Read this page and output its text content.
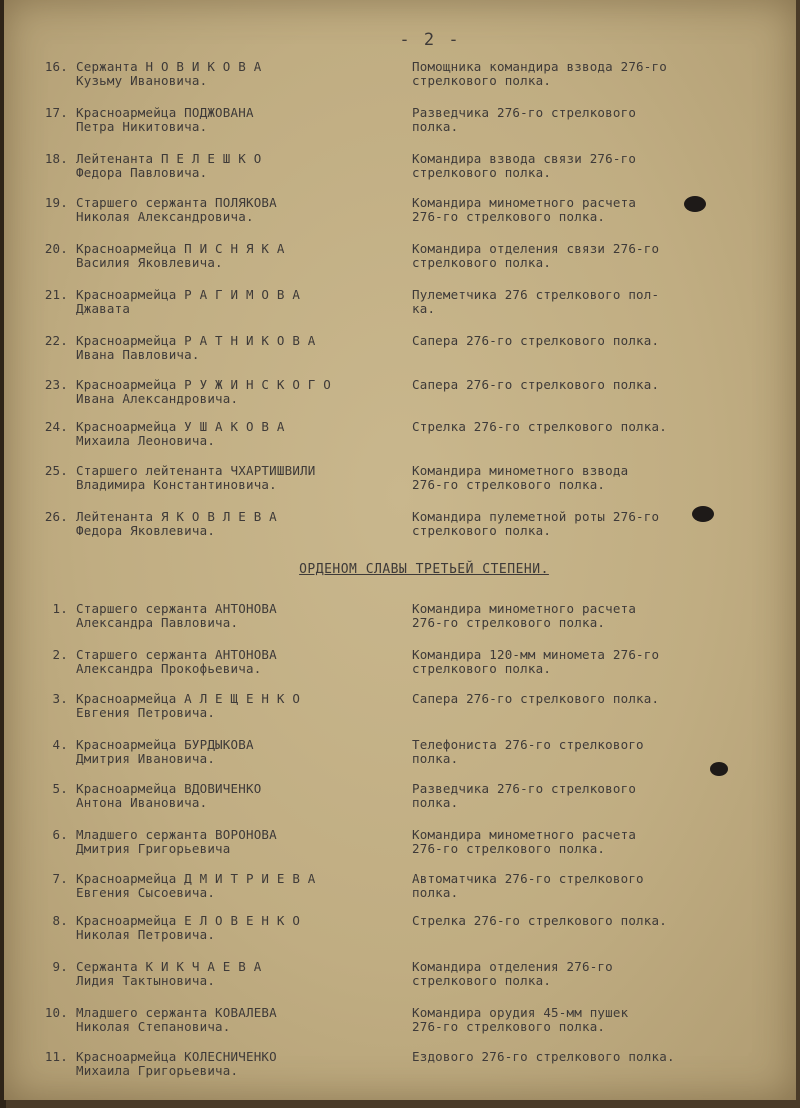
- 2 -
16. Сержанта Н О В И К О В А
Кузьму Ивановича.
Помощника командира взвода 276-го
стрелкового полка.
17. Красноармейца ПОДЖОВАНА
Петра Никитовича.
Разведчика 276-го стрелкового
полка.
18. Лейтенанта П Е Л Е Ш К О
Федора Павловича.
Командира взвода связи 276-го
стрелкового полка.
19. Старшего сержанта ПОЛЯКОВА
Николая Александровича.
Командира минометного расчета
276-го стрелкового полка.
20. Красноармейца П И С Н Я К А
Василия Яковлевича.
Командира отделения связи 276-го
стрелкового полка.
21. Красноармейца Р А Г И М О В А
Джавата
Пулеметчика 276 стрелкового пол-
ка.
22. Красноармейца Р А Т Н И К О В А
Ивана Павловича.
Сапера 276-го стрелкового полка.
23. Красноармейца Р У Ж И Н С К О Г О
Ивана Александровича.
Сапера 276-го стрелкового полка.
24. Красноармейца У Ш А К О В А
Михаила Леоновича.
Стрелка 276-го стрелкового полка.
25. Старшего лейтенанта ЧХАРТИШВИЛИ
Владимира Константиновича.
Командира минометного взвода
276-го стрелкового полка.
26. Лейтенанта Я К О В Л Е В А
Федора Яковлевича.
Командира пулеметной роты 276-го
стрелкового полка.
ОРДЕНОМ СЛАВЫ ТРЕТЬЕЙ СТЕПЕНИ.
1. Старшего сержанта АНТОНОВА
Александра Павловича.
Командира минометного расчета
276-го стрелкового полка.
2. Старшего сержанта АНТОНОВА
Александра Прокофьевича.
Командира 120-мм миномета 276-го
стрелкового полка.
3. Красноармейца А Л Е Щ Е Н К О
Евгения Петровича.
Сапера 276-го стрелкового полка.
4. Красноармейца БУРДЫКОВА
Дмитрия Ивановича.
Телефониста 276-го стрелкового
полка.
5. Красноармейца ВДОВИЧЕНКО
Антона Ивановича.
Разведчика 276-го стрелкового
полка.
6. Младшего сержанта ВОРОНОВА
Дмитрия Григорьевича
Командира минометного расчета
276-го стрелкового полка.
7. Красноармейца Д М И Т Р И Е В А
Евгения Сысоевича.
Автоматчика 276-го стрелкового
полка.
8. Красноармейца Е Л О В Е Н К О
Николая Петровича.
Стрелка 276-го стрелкового полка.
9. Сержанта К И К Ч А Е В А
Лидия Тактыновича.
Командира отделения 276-го
стрелкового полка.
10. Младшего сержанта КОВАЛЕВА
Николая Степановича.
Командира орудия 45-мм пушек
276-го стрелкового полка.
11. Красноармейца КОЛЕСНИЧЕНКО
Михаила Григорьевича.
Ездового 276-го стрелкового полка.
